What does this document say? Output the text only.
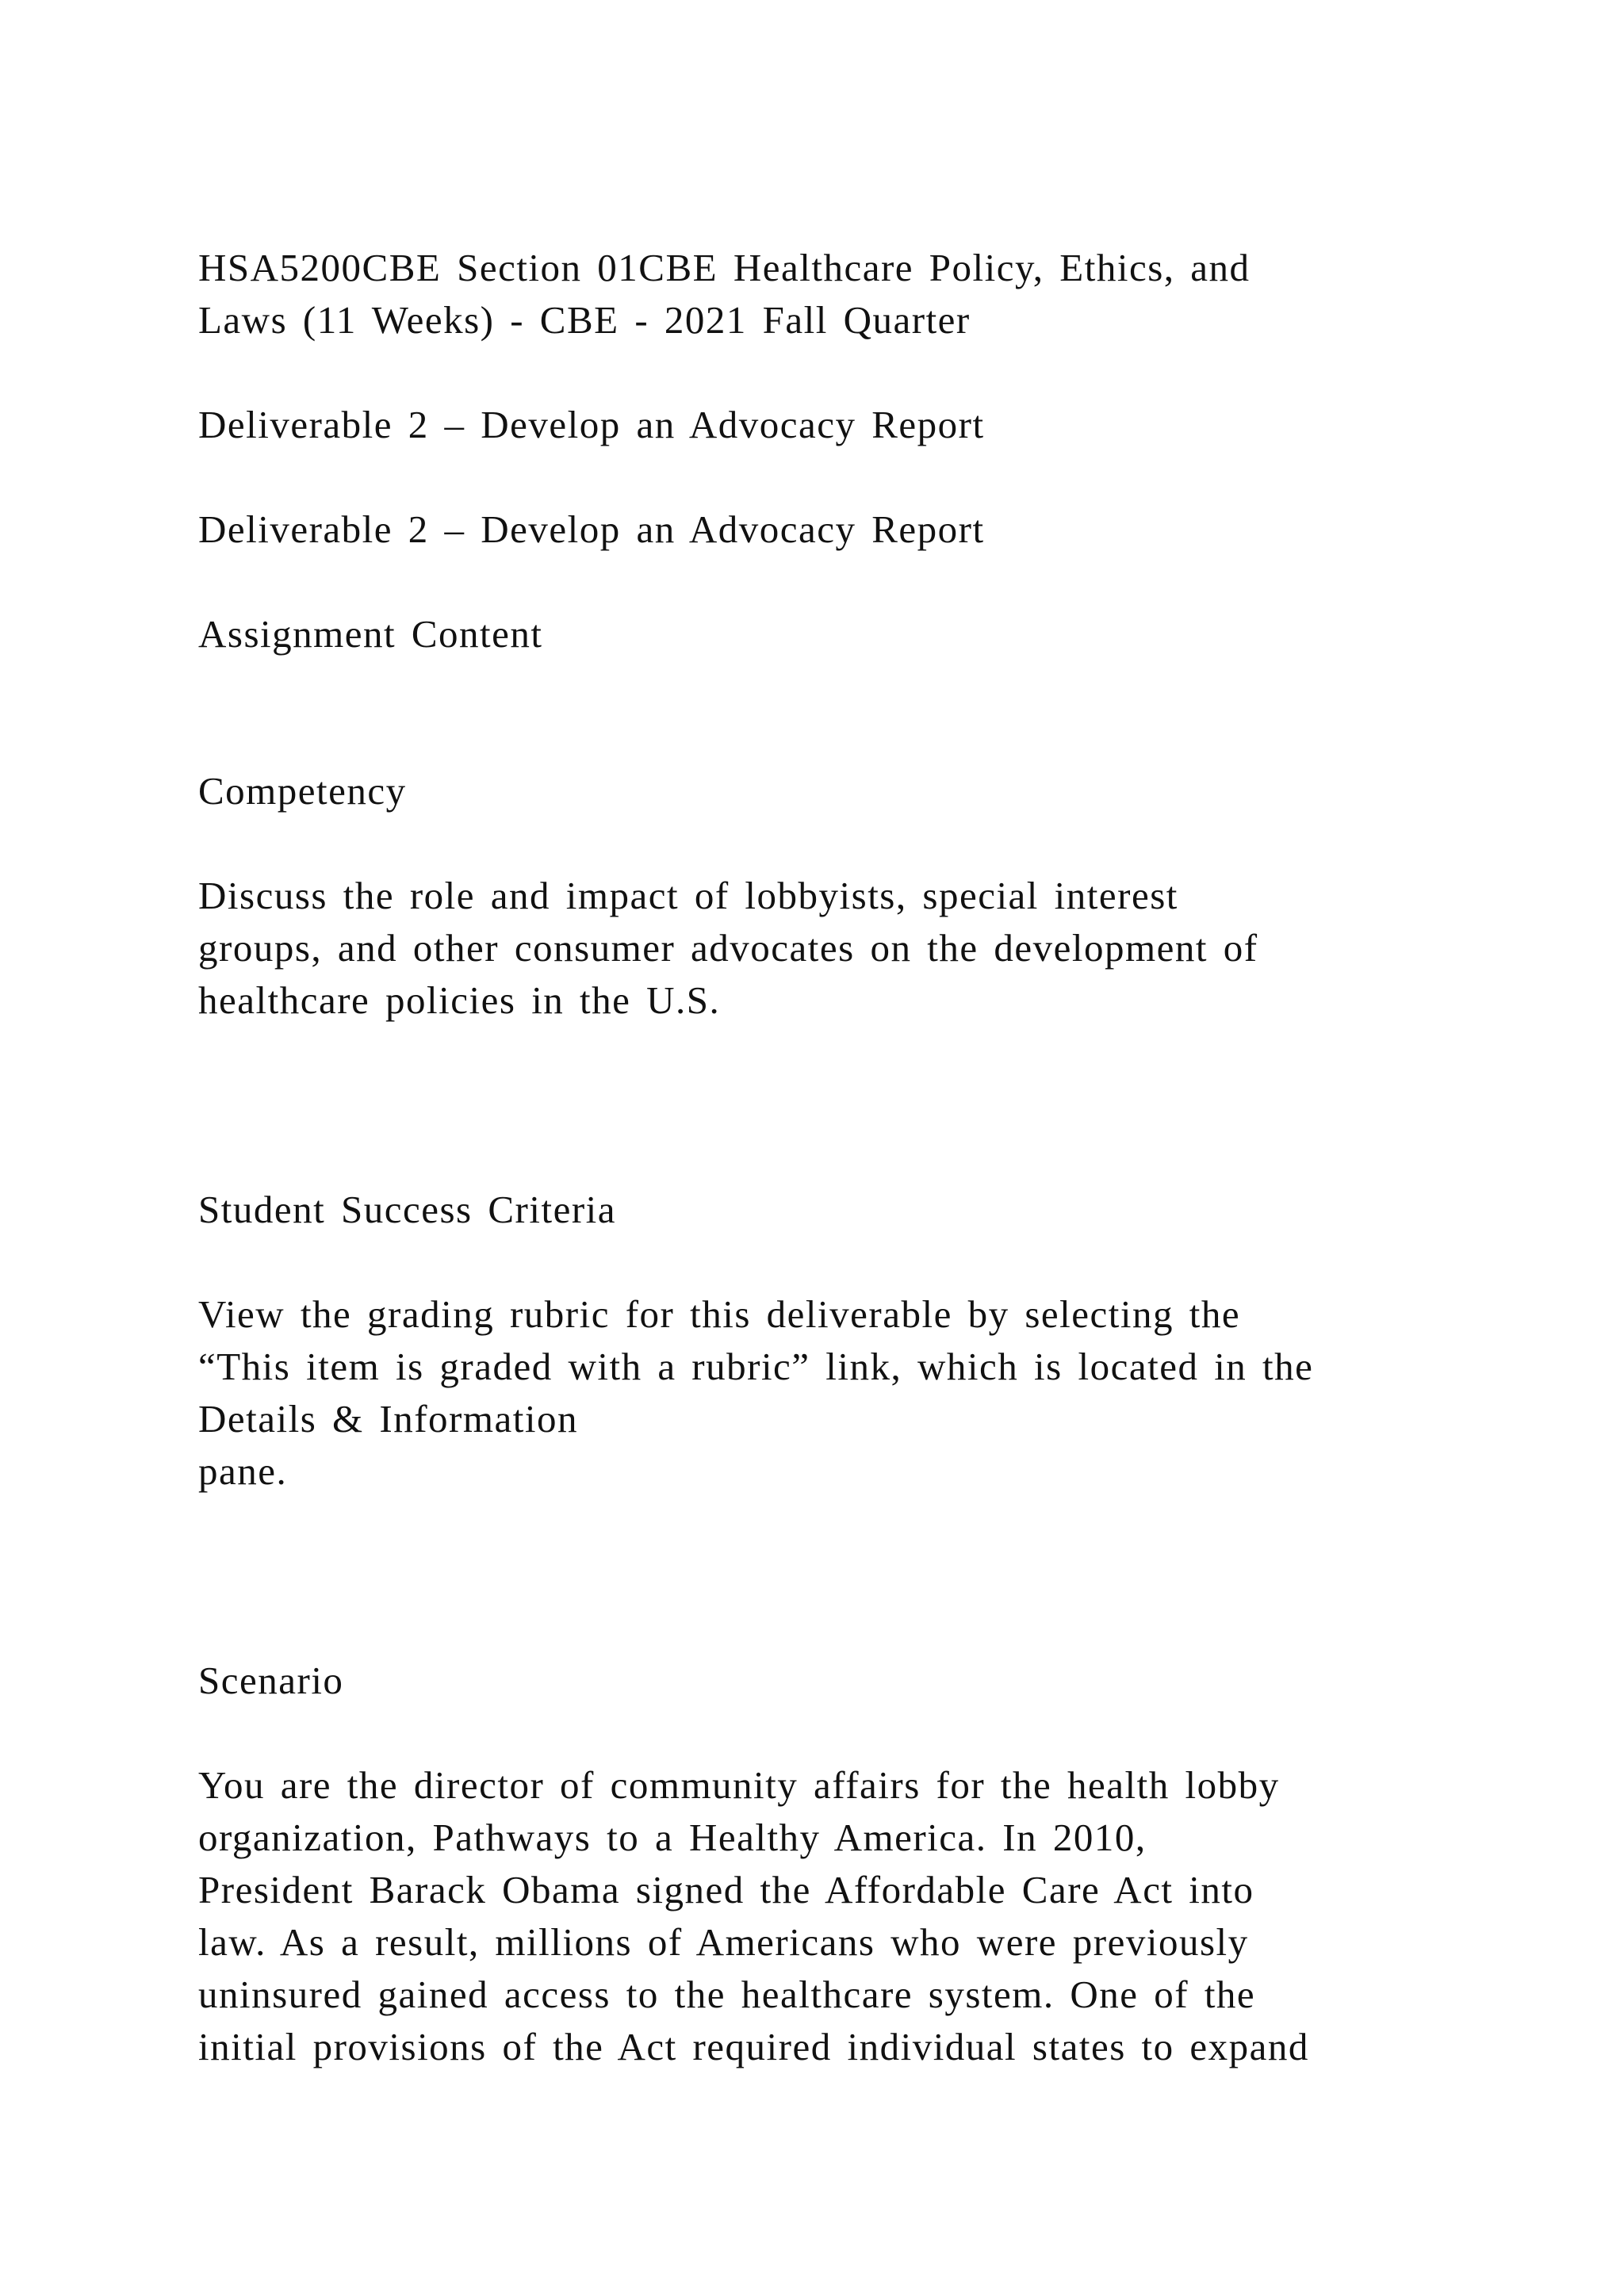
HSA5200CBE Section 01CBE Healthcare Policy, Ethics, and
Laws (11 Weeks) - CBE - 2021 Fall Quarter

Deliverable 2 – Develop an Advocacy Report

Deliverable 2 – Develop an Advocacy Report

Assignment Content

Competency

Discuss the role and impact of lobbyists, special interest
groups, and other consumer advocates on the development of
healthcare policies in the U.S.

Student Success Criteria

View the grading rubric for this deliverable by selecting the
“This item is graded with a rubric” link, which is located in the
Details & Information
pane.

Scenario

You are the director of community affairs for the health lobby
organization, Pathways to a Healthy America. In 2010,
President Barack Obama signed the Affordable Care Act into
law. As a result, millions of Americans who were previously
uninsured gained access to the healthcare system. One of the
initial provisions of the Act required individual states to expand
